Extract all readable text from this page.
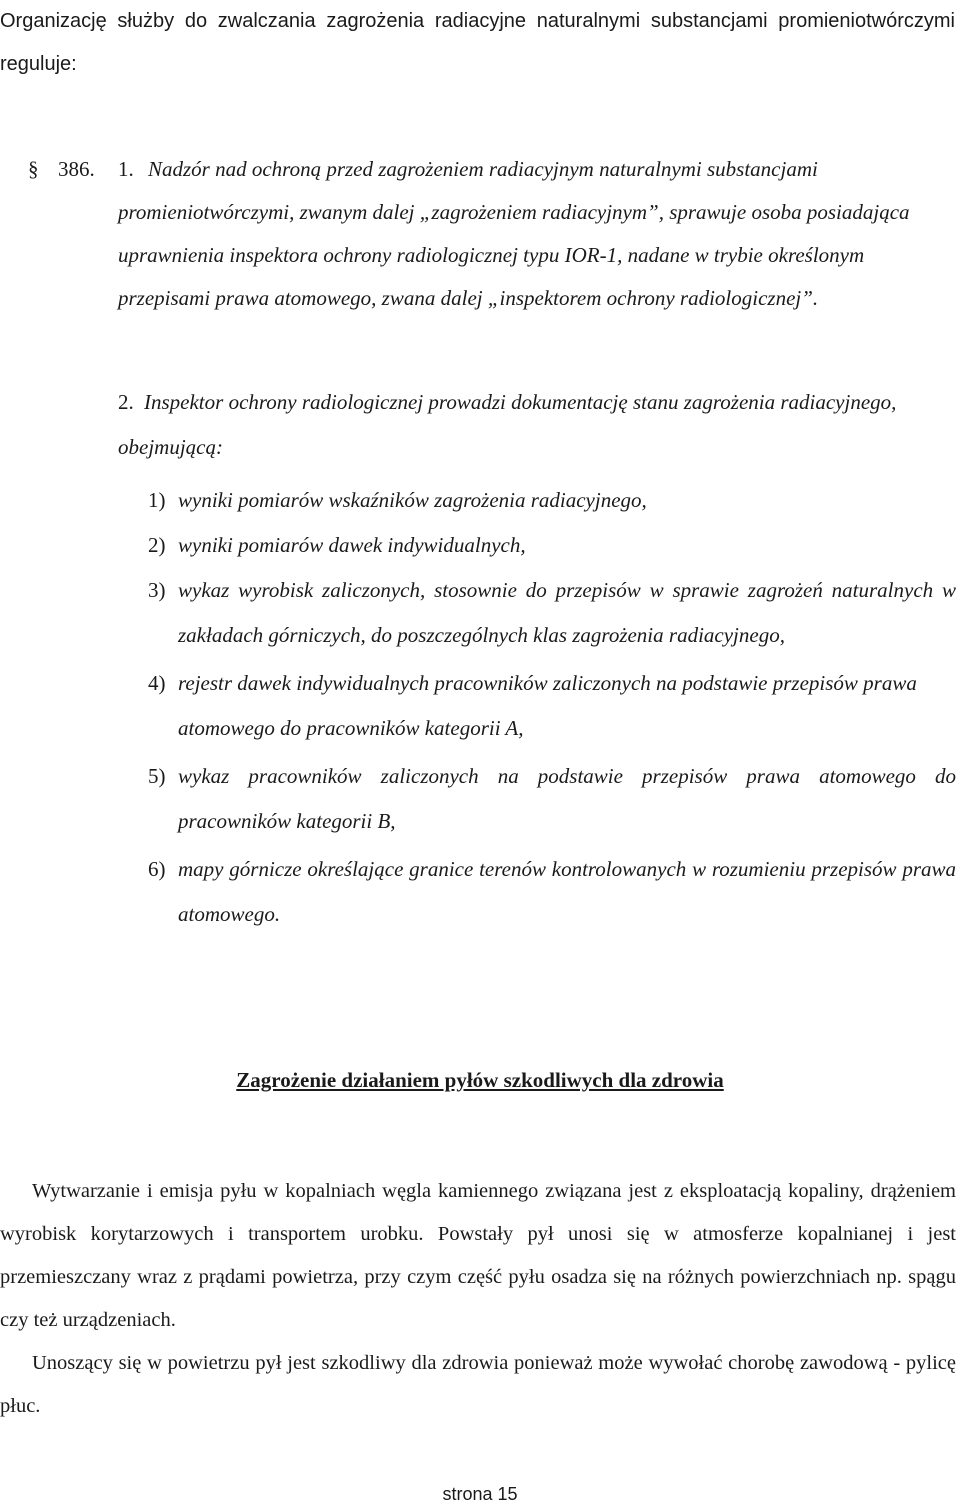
Organizację służby do zwalczania zagrożenia radiacyjne naturalnymi substancjami promieniotwórczymi reguluje:
§ 386. 1. Nadzór nad ochroną przed zagrożeniem radiacyjnym naturalnymi substancjami promieniotwórczymi, zwanym dalej „zagrożeniem radiacyjnym”, sprawuje osoba posiadająca uprawnienia inspektora ochrony radiologicznej typu IOR-1, nadane w trybie określonym przepisami prawa atomowego, zwana dalej „inspektorem ochrony radiologicznej”.
2. Inspektor ochrony radiologicznej prowadzi dokumentację stanu zagrożenia radiacyjnego, obejmującą:
1) wyniki pomiarów wskaźników zagrożenia radiacyjnego,
2) wyniki pomiarów dawek indywidualnych,
3) wykaz wyrobisk zaliczonych, stosownie do przepisów w sprawie zagrożeń naturalnych w zakładach górniczych, do poszczególnych klas zagrożenia radiacyjnego,
4) rejestr dawek indywidualnych pracowników zaliczonych na podstawie przepisów prawa atomowego do pracowników kategorii A,
5) wykaz pracowników zaliczonych na podstawie przepisów prawa atomowego do pracowników kategorii B,
6) mapy górnicze określające granice terenów kontrolowanych w rozumieniu przepisów prawa atomowego.
Zagrożenie działaniem pyłów szkodliwych dla zdrowia

Wytwarzanie i emisja pyłu w kopalniach węgla kamiennego związana jest z eksploatacją kopaliny, drążeniem wyrobisk korytarzowych i transportem urobku. Powstały pył unosi się w atmosferze kopalnianej i jest przemieszczany wraz z prądami powietrza, przy czym część pyłu osadza się na różnych powierzchniach np. spągu czy też urządzeniach.

Unoszący się w powietrzu pył jest szkodliwy dla zdrowia ponieważ może wywołać chorobę zawodową - pylicę płuc.

strona 15
